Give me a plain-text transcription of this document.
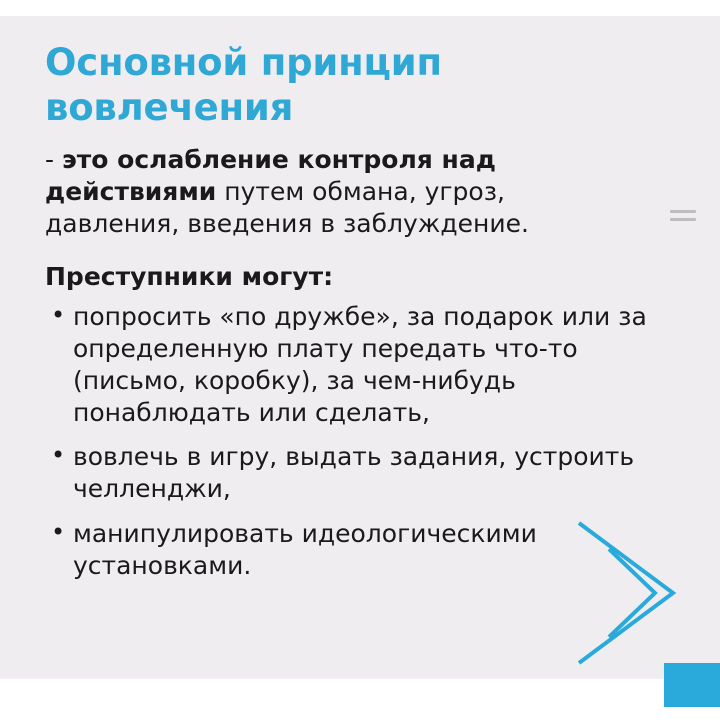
Основной принцип вовлечения

- это ослабление контроля над действиями путем обмана, угроз, давления, введения в заблуждение.

Преступники могут:

• попросить «по дружбе», за подарок или за определенную плату передать что-то (письмо, коробку), за чем-нибудь понаблюдать или сделать,
• вовлечь в игру, выдать задания, устроить челленджи,
• манипулировать идеологическими установками.
